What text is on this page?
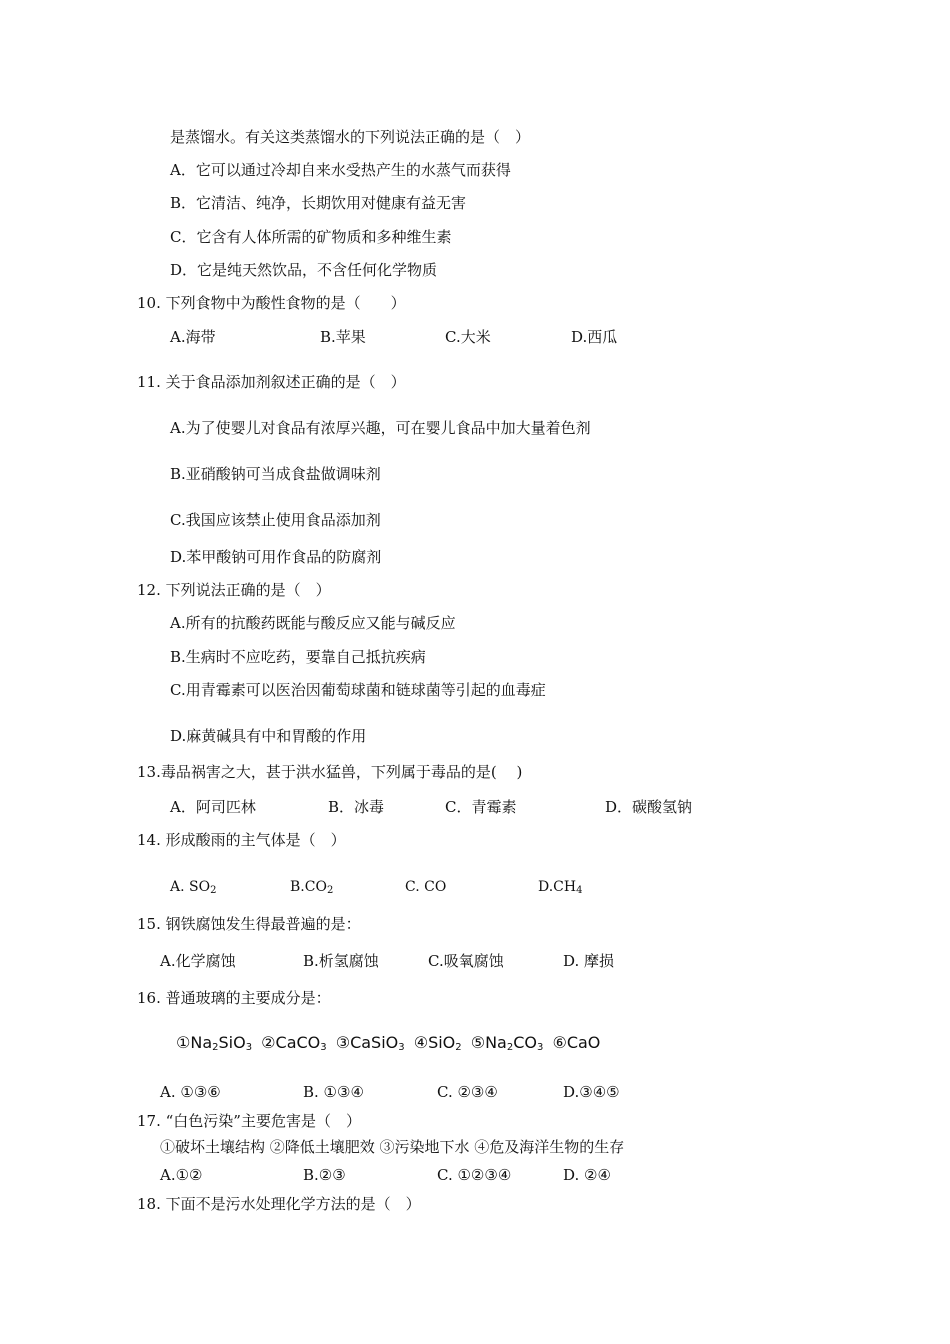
是蒸馏水。有关这类蒸馏水的下列说法正确的是（　）
A．它可以通过冷却自来水受热产生的水蒸气而获得
B．它清洁、纯净，长期饮用对健康有益无害
C．它含有人体所需的矿物质和多种维生素
D．它是纯天然饮品，不含任何化学物质
10. 下列食物中为酸性食物的是（　　）
A.海带	B.苹果	C.大米	D.西瓜
11. 关于食品添加剂叙述正确的是（　）
A.为了使婴儿对食品有浓厚兴趣，可在婴儿食品中加大量着色剂
B.亚硝酸钠可当成食盐做调味剂
C.我国应该禁止使用食品添加剂
D.苯甲酸钠可用作食品的防腐剂
12. 下列说法正确的是（　）
A.所有的抗酸药既能与酸反应又能与碱反应
B.生病时不应吃药，要靠自己抵抗疾病
C.用青霉素可以医治因葡萄球菌和链球菌等引起的血毒症
D.麻黄碱具有中和胃酸的作用
13.毒品祸害之大，甚于洪水猛兽，下列属于毒品的是(　 )
A．阿司匹林	B．冰毒	C．青霉素	D．碳酸氢钠
14. 形成酸雨的主气体是（　）
A. $SO_2$	$B.CO_2$	C. CO	$D.CH_4$
15. 钢铁腐蚀发生得最普遍的是：
A.化学腐蚀	B.析氢腐蚀	C.吸氧腐蚀	D. 摩损
16. 普通玻璃的主要成分是：
$①Na_2SiO_3$ ②CaCO$_3$ ③CaSiO$_3$ ④SiO$_2$ $⑤Na_2CO_3$ ⑥CaO
A. ①③⑥	B. ①③④	C. ②③④	D.③④⑤
17. “白色污染”主要危害是（　）
①破坏土壤结构 ②降低土壤肥效 ③污染地下水 ④危及海洋生物的生存
A.①②	B.②③	C. ①②③④	D. ②④
18. 下面不是污水处理化学方法的是（　）
